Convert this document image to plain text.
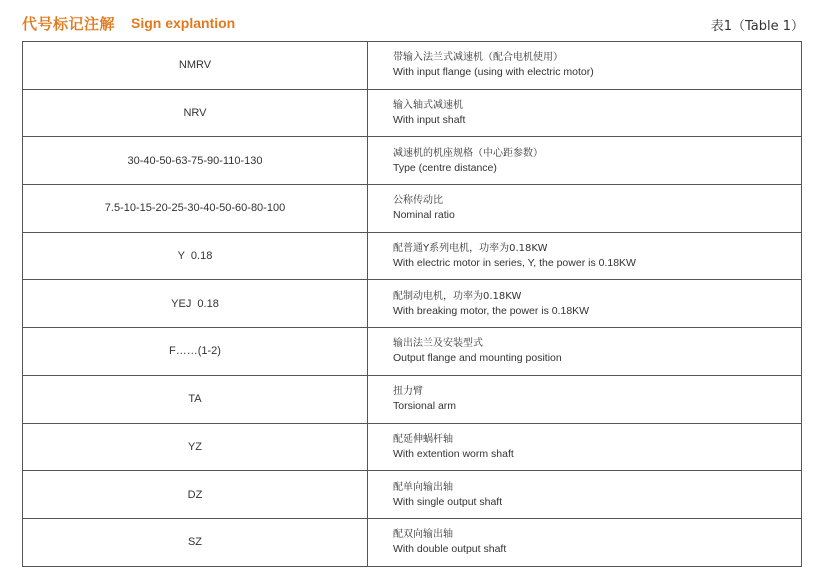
代号标记注解 Sign explantion	表1（Table 1）
NMRV	带输入法兰式减速机（配合电机使用）
With input flange (using with electric motor)

NRV	输入轴式减速机
With input shaft

30-40-50-63-75-90-110-130	减速机的机座规格（中心距参数）
Type (centre distance)

7.5-10-15-20-25-30-40-50-60-80-100	公称传动比
Nominal ratio

Y  0.18	配普通Y系列电机，功率为0.18KW
With electric motor in series, Y, the power is 0.18KW

YEJ  0.18	配制动电机，功率为0.18KW
With breaking motor, the power is 0.18KW

F……(1-2)	输出法兰及安装型式
Output flange and mounting position

TA	扭力臂
Torsional arm

YZ	配延伸蜗杆轴
With extention worm shaft

DZ	配单向输出轴
With single output shaft

SZ	配双向输出轴
With double output shaft
